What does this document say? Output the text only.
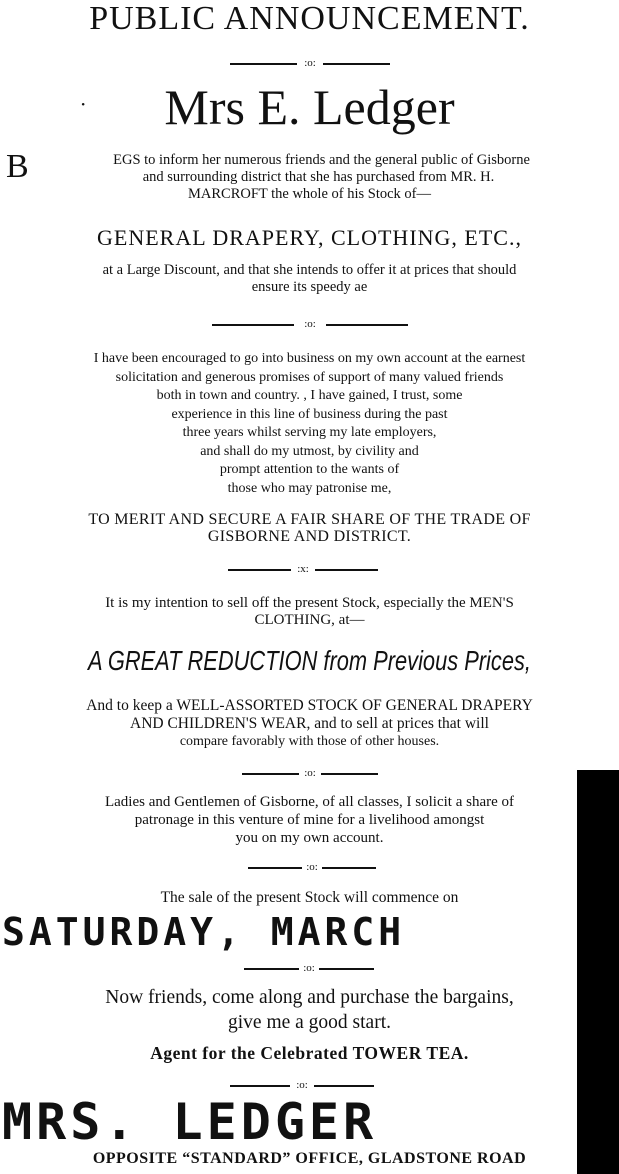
PUBLIC ANNOUNCEMENT.
:o:
·	Mrs E. Ledger
B	EGS to inform her numerous friends and the general public of Gisborne
and surrounding district that she has purchased from MR. H.
MARCROFT the whole of his Stock of—
GENERAL DRAPERY, CLOTHING, ETC.,
at a Large Discount, and that she intends to offer it at prices that should
ensure its speedy ae
:o:
I have been encouraged to go into business on my own account at the earnest
solicitation and generous promises of support of many valued friends
both in town and country. , I have gained, I trust, some
experience in this line of business during the past
three years whilst serving my late employers,
and shall do my utmost, by civility and
prompt attention to the wants of
those who may patronise me,
TO MERIT AND SECURE A FAIR SHARE OF THE TRADE OF
GISBORNE AND DISTRICT.
:x:
It is my intention to sell off the present Stock, especially the MEN'S
CLOTHING, at—
A GREAT REDUCTION from Previous Prices,
And to keep a WELL-ASSORTED STOCK OF GENERAL DRAPERY
AND CHILDREN'S WEAR, and to sell at prices that will
compare favorably with those of other houses.
:o:
Ladies and Gentlemen of Gisborne, of all classes, I solicit a share of
patronage in this venture of mine for a livelihood amongst
you on my own account.
:o:
The sale of the present Stock will commence on
SATURDAY, MARCH
:o:
Now friends, come along and purchase the bargains,
give me a good start.
Agent for the Celebrated TOWER TEA.
:o:
MRS. LEDGER
OPPOSITE “STANDARD” OFFICE, GLADSTONE ROAD
